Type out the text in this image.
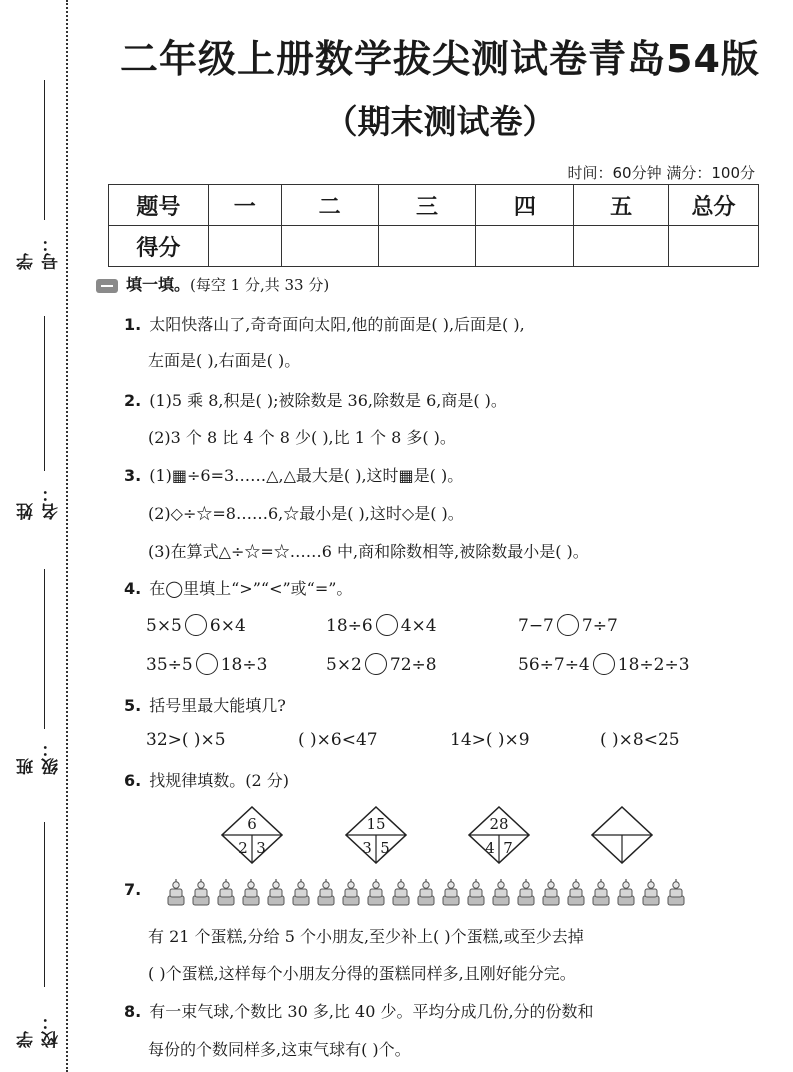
学号：
姓名：
班级：
学校：
二年级上册数学拔尖测试卷青岛54版
（期末测试卷）
时间：60分钟 满分：100分
题号	一	二	三	四	五	总分
得分						
填一填。(每空 1 分,共 33 分)
1. 太阳快落山了,奇奇面向太阳,他的前面是( ),后面是( ),
左面是( ),右面是( )。
2. (1)5 乘 8,积是( );被除数是 36,除数是 6,商是( )。
(2)3 个 8 比 4 个 8 少( ),比 1 个 8 多( )。
3. (1)▦÷6=3……△,△最大是( ),这时▦是( )。
(2)◇÷☆=8……6,☆最小是( ),这时◇是( )。
(3)在算式△÷☆=☆……6 中,商和除数相等,被除数最小是( )。
4. 在◯里填上“>”“<”或“=”。
5×5 6×4	18÷6 4×4	7−7 7÷7
35÷5 18÷3	5×2 72÷8	56÷7÷4 18÷2÷3
5. 括号里最大能填几?
32>( )×5	( )×6<47	14>( )×9	( )×8<25
6. 找规律填数。(2 分)
6
2 3
15
3 5
28
4 7
7.
有 21 个蛋糕,分给 5 个小朋友,至少补上( )个蛋糕,或至少去掉
( )个蛋糕,这样每个小朋友分得的蛋糕同样多,且刚好能分完。
8. 有一束气球,个数比 30 多,比 40 少。平均分成几份,分的份数和
每份的个数同样多,这束气球有( )个。
